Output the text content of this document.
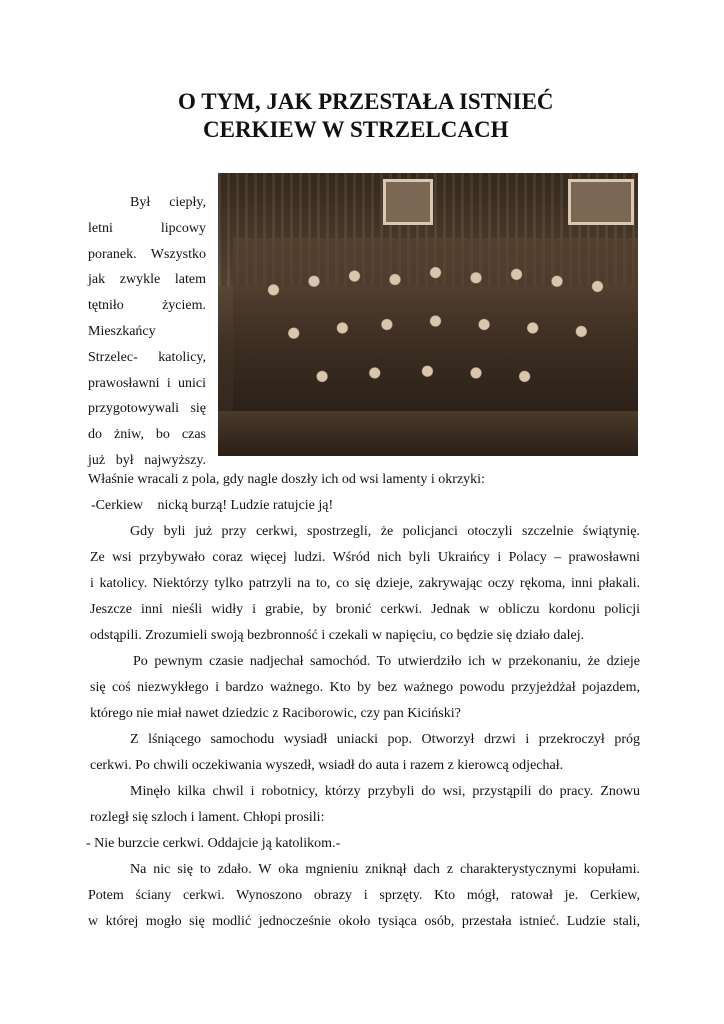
O TYM, JAK PRZESTAŁA ISTNIEĆ
CERKIEW W STRZELCACH
Był ciepły,
letni lipcowy
poranek. Wszystko
jak zwykle latem
tętniło życiem.
Mieszkańcy
Strzelec- katolicy,
prawosławni i unici
przygotowywali się
do żniw, bo czas
już był najwyższy.
Właśnie wracali z pola, gdy nagle doszły ich od wsi lamenty i okrzyki:
-Cerkiew nicką burzą! Ludzie ratujcie ją!
Gdy byli już przy cerkwi, spostrzegli, że policjanci otoczyli szczelnie świątynię.
Ze wsi przybywało coraz więcej ludzi. Wśród nich byli Ukraińcy i Polacy – prawosławni
i katolicy. Niektórzy tylko patrzyli na to, co się dzieje, zakrywając oczy rękoma, inni płakali.
Jeszcze inni nieśli widły i grabie, by bronić cerkwi. Jednak w obliczu kordonu policji
odstąpili. Zrozumieli swoją bezbronność i czekali w napięciu, co będzie się działo dalej.
Po pewnym czasie nadjechał samochód. To utwierdziło ich w przekonaniu, że dzieje
się coś niezwykłego i bardzo ważnego. Kto by bez ważnego powodu przyjeżdżał pojazdem,
którego nie miał nawet dziedzic z Raciborowic, czy pan Kiciński?
Z lśniącego samochodu wysiadł uniacki pop. Otworzył drzwi i przekroczył próg
cerkwi. Po chwili oczekiwania wyszedł, wsiadł do auta i razem z kierowcą odjechał.
Minęło kilka chwil i robotnicy, którzy przybyli do wsi, przystąpili do pracy. Znowu
rozległ się szloch i lament. Chłopi prosili:
- Nie burzcie cerkwi. Oddajcie ją katolikom.-
Na nic się to zdało. W oka mgnieniu zniknął dach z charakterystycznymi kopułami.
Potem ściany cerkwi. Wynoszono obrazy i sprzęty. Kto mógł, ratował je. Cerkiew,
w której mogło się modlić jednocześnie około tysiąca osób, przestała istnieć. Ludzie stali,
